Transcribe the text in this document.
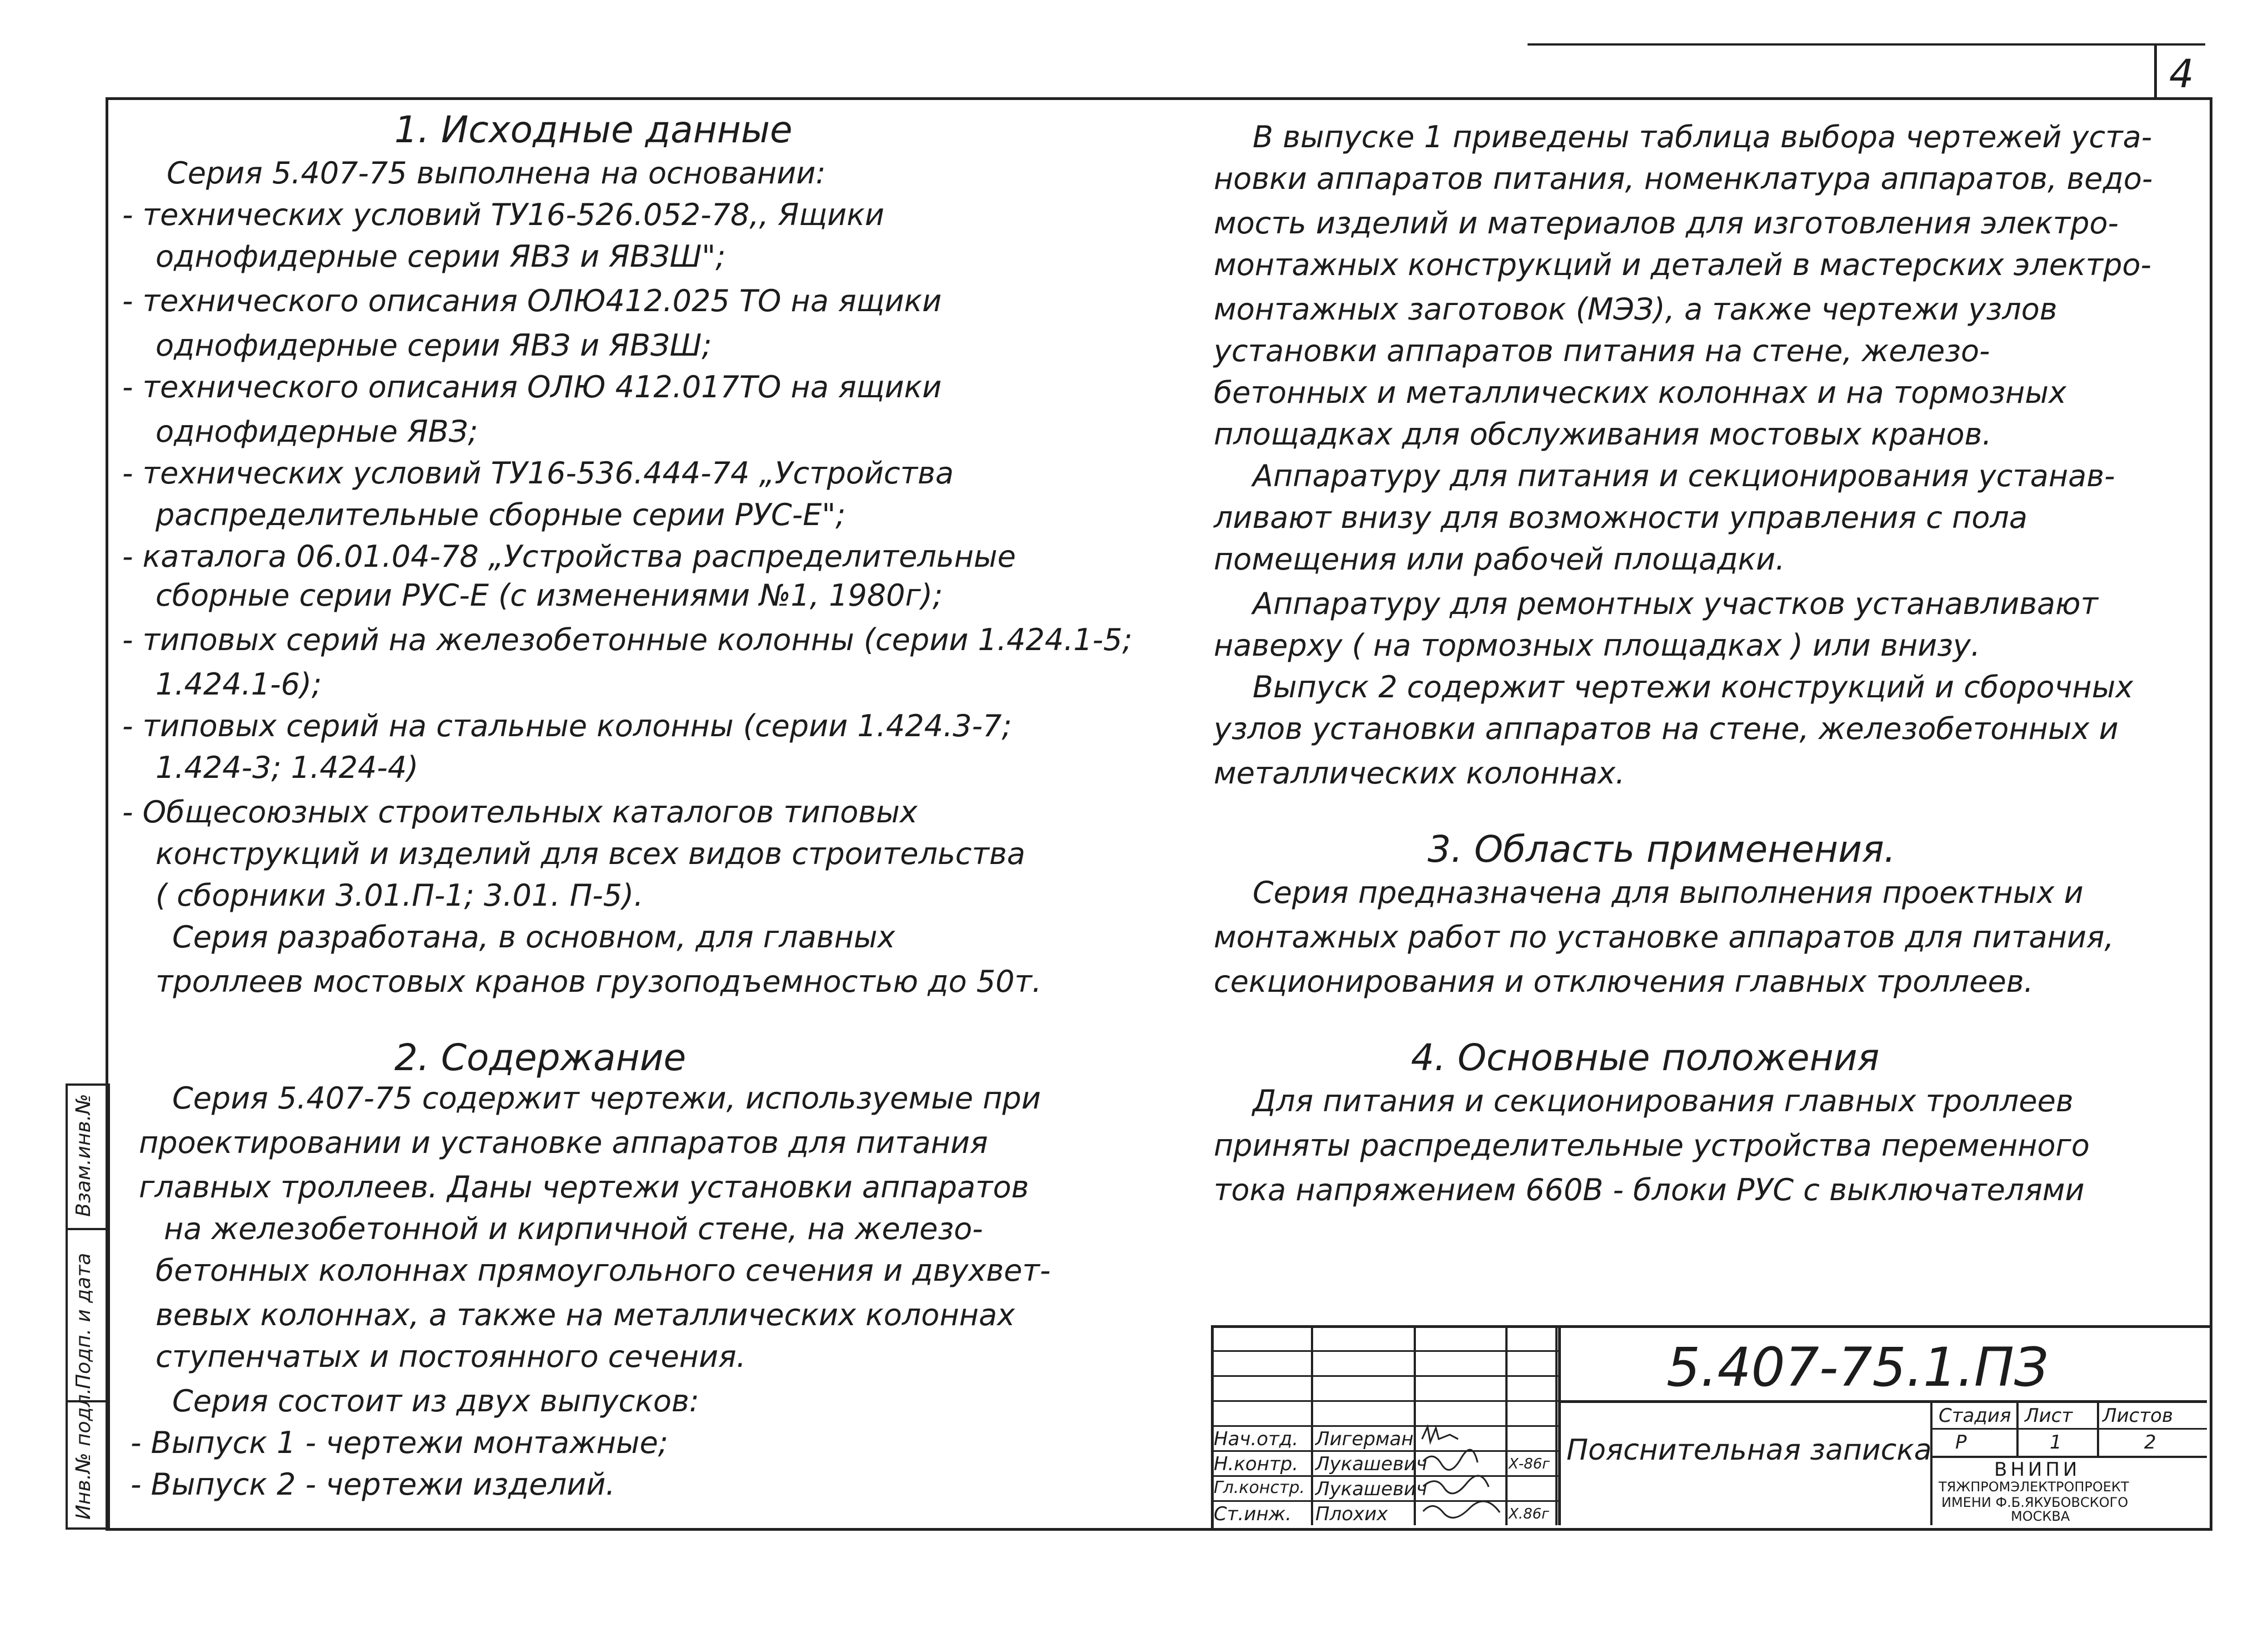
4
Инв.№ подл.
Подп. и дата
Взам.инв.№
1. Исходные данные
Серия 5.407-75 выполнена на основании:
- технических условий ТУ16-526.052-78,, Ящики
однофидерные серии ЯВЗ и ЯВЗШ";
- технического описания ОЛЮ412.025 ТО на ящики
однофидерные серии ЯВЗ и ЯВЗШ;
- технического описания ОЛЮ 412.017ТО на ящики
однофидерные ЯВЗ;
- технических условий ТУ16-536.444-74 „Устройства
распределительные сборные серии РУС-Е";
- каталога 06.01.04-78 „Устройства распределительные
сборные серии РУС-Е (с изменениями №1, 1980г);
- типовых серий на железобетонные колонны (серии 1.424.1-5;
1.424.1-6);
- типовых серий на стальные колонны (серии 1.424.3-7;
1.424-3; 1.424-4)
- Общесоюзных строительных каталогов типовых
конструкций и изделий для всех видов строительства
( сборники 3.01.П-1; 3.01. П-5).
Серия разработана, в основном, для главных
троллеев мостовых кранов грузоподъемностью до 50т.
2. Содержание
Серия 5.407-75 содержит чертежи, используемые при
проектировании и установке аппаратов для питания
главных троллеев. Даны чертежи установки аппаратов
на железобетонной и кирпичной стене, на железо-
бетонных колоннах прямоугольного сечения и двухвет-
вевых колоннах, а также на металлических колоннах
ступенчатых и постоянного сечения.
Серия состоит из двух выпусков:
- Выпуск 1 - чертежи монтажные;
- Выпуск 2 - чертежи изделий.
В выпуске 1 приведены таблица выбора чертежей уста-
новки аппаратов питания, номенклатура аппаратов, ведо-
мость изделий и материалов для изготовления электро-
монтажных конструкций и деталей в мастерских электро-
монтажных заготовок (МЭЗ), а также чертежи узлов
установки аппаратов питания на стене, железо-
бетонных и металлических колоннах и на тормозных
площадках для обслуживания мостовых кранов.
Аппаратуру для питания и секционирования устанав-
ливают внизу для возможности управления с пола
помещения или рабочей площадки.
Аппаратуру для ремонтных участков устанавливают
наверху ( на тормозных площадках ) или внизу.
Выпуск 2 содержит чертежи конструкций и сборочных
узлов установки аппаратов на стене, железобетонных и
металлических колоннах.
3. Область применения.
Серия предназначена для выполнения проектных и
монтажных работ по установке аппаратов для питания,
секционирования и отключения главных троллеев.
4. Основные положения
Для питания и секционирования главных троллеев
приняты распределительные устройства переменного
тока напряжением 660В - блоки РУС с выключателями
5.407-75.1.ПЗ
Стадия Лист Листов
Р	1	2
Пояснительная записка
ВНИПИ
ТЯЖПРОМЭЛЕКТРОПРОЕКТ
ИМЕНИ Ф.Б.ЯКУБОВСКОГО
МОСКВА
Нач.отд. Лигерман
Н.контр. Лукашевич	Х-86г
Гл.констр. Лукашевич
Ст.инж. Плохих	Х.86г
